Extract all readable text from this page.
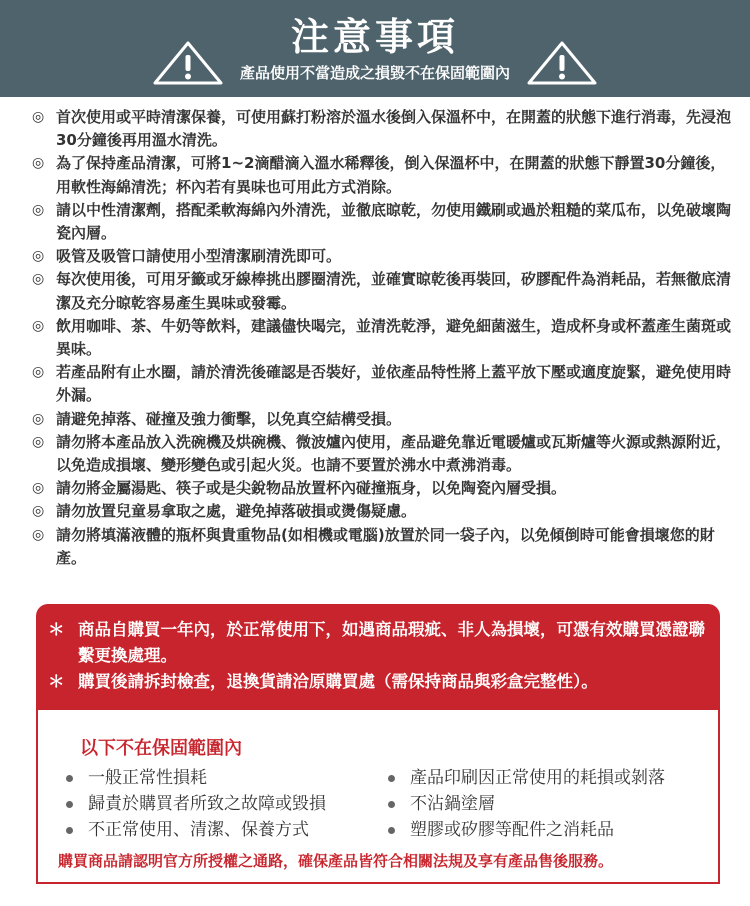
注意事項
產品使用不當造成之損毀不在保固範圍內
◎ 首次使用或平時清潔保養，可使用蘇打粉溶於溫水後倒入保溫杯中，在開蓋的狀態下進行消毒，先浸泡30分鐘後再用溫水清洗。
◎ 為了保持產品清潔，可將1~2滴醋滴入溫水稀釋後，倒入保溫杯中，在開蓋的狀態下靜置30分鐘後，用軟性海綿清洗；杯內若有異味也可用此方式消除。
◎ 請以中性清潔劑，搭配柔軟海綿內外清洗，並徹底晾乾，勿使用鐵刷或過於粗糙的菜瓜布，以免破壞陶瓷內層。
◎ 吸管及吸管口請使用小型清潔刷清洗即可。
◎ 每次使用後，可用牙籤或牙線棒挑出膠圈清洗，並確實晾乾後再裝回，矽膠配件為消耗品，若無徹底清潔及充分晾乾容易產生異味或發霉。
◎ 飲用咖啡、茶、牛奶等飲料，建議儘快喝完，並清洗乾淨，避免細菌滋生，造成杯身或杯蓋產生菌斑或異味。
◎ 若產品附有止水圈，請於清洗後確認是否裝好，並依產品特性將上蓋平放下壓或適度旋緊，避免使用時外漏。
◎ 請避免掉落、碰撞及強力衝擊，以免真空結構受損。
◎ 請勿將本產品放入洗碗機及烘碗機、微波爐內使用，產品避免靠近電暖爐或瓦斯爐等火源或熱源附近，以免造成損壞、變形變色或引起火災。也請不要置於沸水中煮沸消毒。
◎ 請勿將金屬湯匙、筷子或是尖銳物品放置杯內碰撞瓶身，以免陶瓷內層受損。
◎ 請勿放置兒童易拿取之處，避免掉落破損或燙傷疑慮。
◎ 請勿將填滿液體的瓶杯與貴重物品(如相機或電腦)放置於同一袋子內，以免傾倒時可能會損壞您的財產。
＊ 商品自購買一年內，於正常使用下，如遇商品瑕疵、非人為損壞，可憑有效購買憑證聯繫更換處理。
＊ 購買後請拆封檢查，退換貨請洽原購買處（需保持商品與彩盒完整性）。
以下不在保固範圍內
一般正常性損耗
歸責於購買者所致之故障或毀損
不正常使用、清潔、保養方式
產品印刷因正常使用的耗損或剝落
不沾鍋塗層
塑膠或矽膠等配件之消耗品
購買商品請認明官方所授權之通路，確保產品皆符合相關法規及享有產品售後服務。
